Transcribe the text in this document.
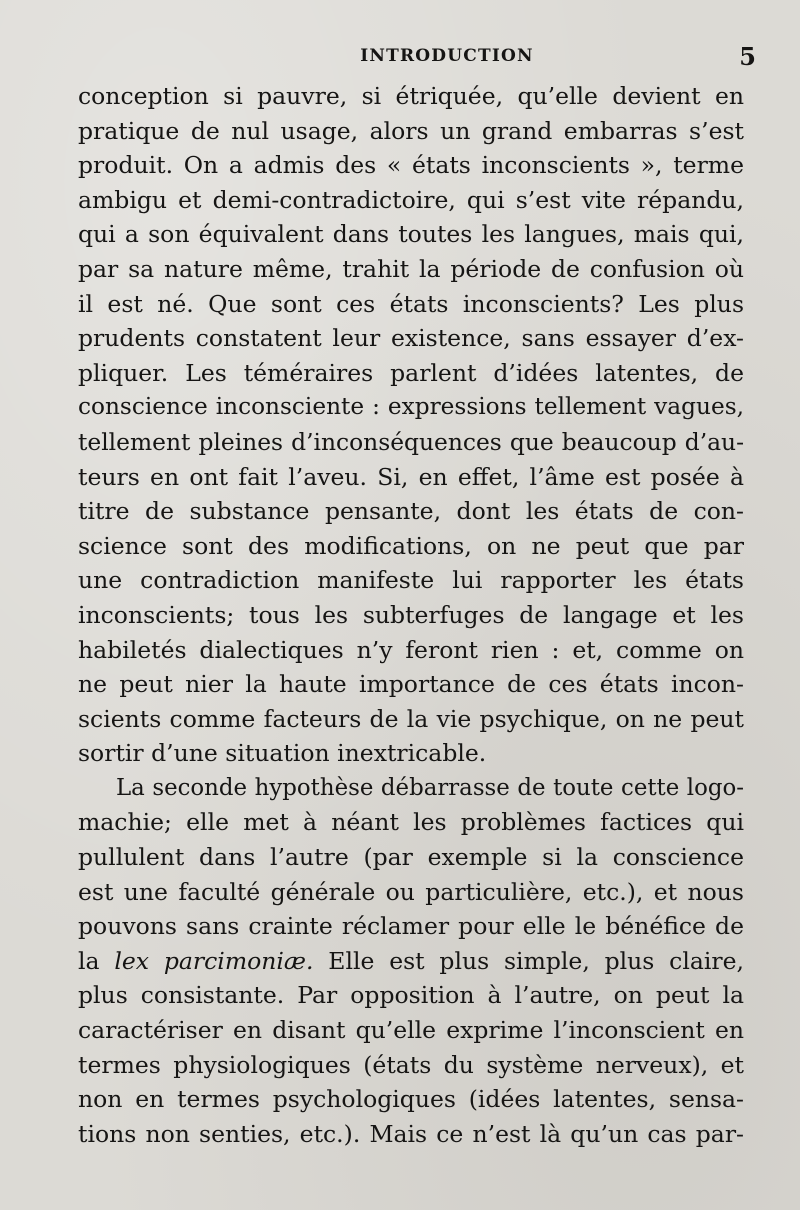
INTRODUCTION	5
conception si pauvre, si étriquée, qu’elle devient en
pratique de nul usage, alors un grand embarras s’est
produit. On a admis des « états inconscients », terme
ambigu et demi-contradictoire, qui s’est vite répandu,
qui a son équivalent dans toutes les langues, mais qui,
par sa nature même, trahit la période de confusion où
il est né. Que sont ces états inconscients? Les plus
prudents constatent leur existence, sans essayer d’ex-
pliquer. Les téméraires parlent d’idées latentes, de
conscience inconsciente : expressions tellement vagues,
tellement pleines d’inconséquences que beaucoup d’au-
teurs en ont fait l’aveu. Si, en effet, l’âme est posée à
titre de substance pensante, dont les états de con-
science sont des modifications, on ne peut que par
une contradiction manifeste lui rapporter les états
inconscients; tous les subterfuges de langage et les
habiletés dialectiques n’y feront rien : et, comme on
ne peut nier la haute importance de ces états incon-
scients comme facteurs de la vie psychique, on ne peut
sortir d’une situation inextricable.
La seconde hypothèse débarrasse de toute cette logo-
machie; elle met à néant les problèmes factices qui
pullulent dans l’autre (par exemple si la conscience
est une faculté générale ou particulière, etc.), et nous
pouvons sans crainte réclamer pour elle le bénéfice de
la lex parcimoniæ. Elle est plus simple, plus claire,
plus consistante. Par opposition à l’autre, on peut la
caractériser en disant qu’elle exprime l’inconscient en
termes physiologiques (états du système nerveux), et
non en termes psychologiques (idées latentes, sensa-
tions non senties, etc.). Mais ce n’est là qu’un cas par-
